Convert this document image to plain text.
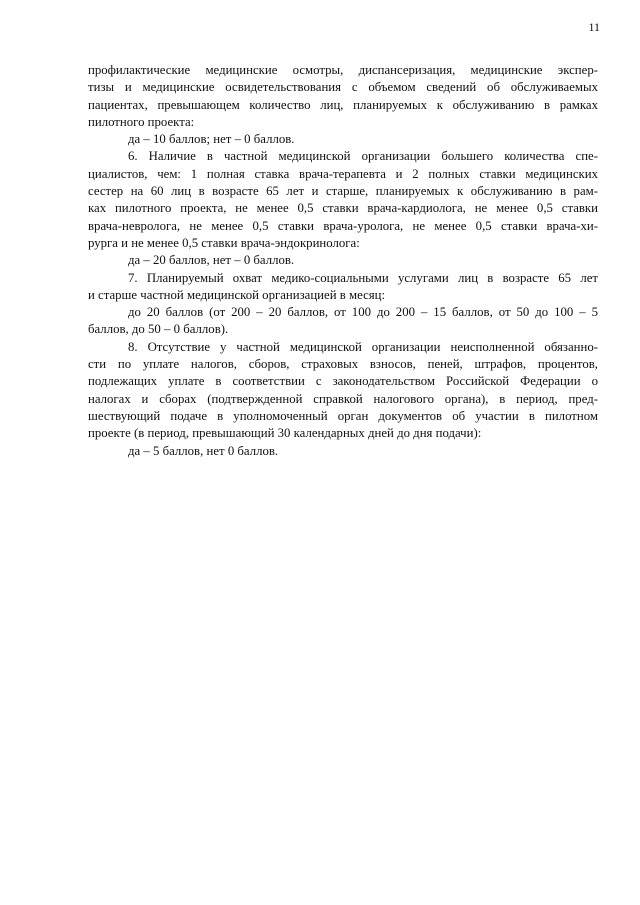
11
профилактические медицинские осмотры, диспансеризация, медицинские экспер-
тизы и медицинские освидетельствования с объемом сведений об обслуживаемых
пациентах, превышающем количество лиц, планируемых к обслуживанию в рамках
пилотного проекта:
да – 10 баллов; нет – 0 баллов.
6. Наличие в частной медицинской организации большего количества спе-
циалистов, чем: 1 полная ставка врача-терапевта и 2 полных ставки медицинских
сестер на 60 лиц в возрасте 65 лет и старше, планируемых к обслуживанию в рам-
ках пилотного проекта, не менее 0,5 ставки врача-кардиолога, не менее 0,5 ставки
врача-невролога, не менее 0,5 ставки врача-уролога, не менее 0,5 ставки врача-хи-
рурга и не менее 0,5 ставки врача-эндокринолога:
да – 20 баллов, нет – 0 баллов.
7. Планируемый охват медико-социальными услугами лиц в возрасте 65 лет
и старше частной медицинской организацией в месяц:
до 20 баллов (от 200 – 20 баллов, от 100 до 200 – 15 баллов, от 50 до 100 – 5
баллов, до 50 – 0 баллов).
8. Отсутствие у частной медицинской организации неисполненной обязанно-
сти по уплате налогов, сборов, страховых взносов, пеней, штрафов, процентов,
подлежащих уплате в соответствии с законодательством Российской Федерации о
налогах и сборах (подтвержденной справкой налогового органа), в период, пред-
шествующий подаче в уполномоченный орган документов об участии в пилотном
проекте (в период, превышающий 30 календарных дней до дня подачи):
да – 5 баллов, нет 0 баллов.
